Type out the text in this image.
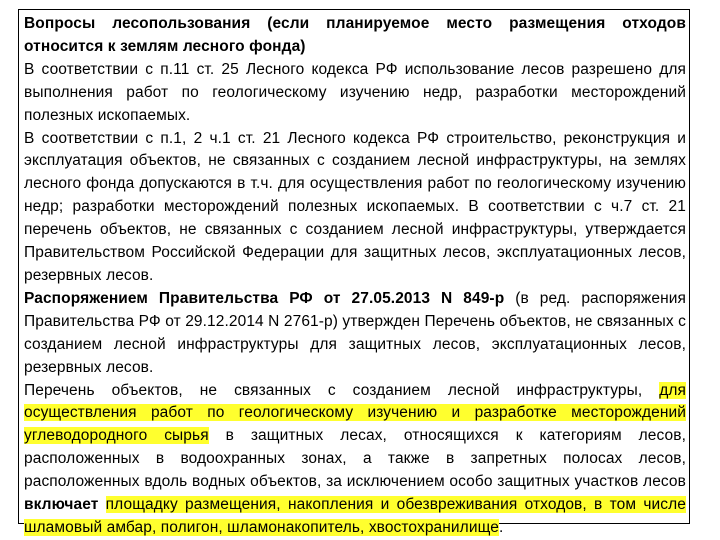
Вопросы лесопользования (если планируемое место размещения отходов относится к землям лесного фонда)
В соответствии с п.11 ст. 25 Лесного кодекса РФ использование лесов разрешено для выполнения работ по геологическому изучению недр, разработки месторождений полезных ископаемых.
В соответствии с п.1, 2 ч.1 ст. 21 Лесного кодекса РФ строительство, реконструкция и эксплуатация объектов, не связанных с созданием лесной инфраструктуры, на землях лесного фонда допускаются в т.ч. для осуществления работ по геологическому изучению недр; разработки месторождений полезных ископаемых. В соответствии с ч.7 ст. 21 перечень объектов, не связанных с созданием лесной инфраструктуры, утверждается Правительством Российской Федерации для защитных лесов, эксплуатационных лесов, резервных лесов.
Распоряжением Правительства РФ от 27.05.2013 N 849-р (в ред. распоряжения Правительства РФ от 29.12.2014 N 2761-р) утвержден Перечень объектов, не связанных с созданием лесной инфраструктуры для защитных лесов, эксплуатационных лесов, резервных лесов.
Перечень объектов, не связанных с созданием лесной инфраструктуры, для осуществления работ по геологическому изучению и разработке месторождений углеводородного сырья в защитных лесах, относящихся к категориям лесов, расположенных в водоохранных зонах, а также в запретных полосах лесов, расположенных вдоль водных объектов, за исключением особо защитных участков лесов включает площадку размещения, накопления и обезвреживания отходов, в том числе шламовый амбар, полигон, шламонакопитель, хвостохранилище.
